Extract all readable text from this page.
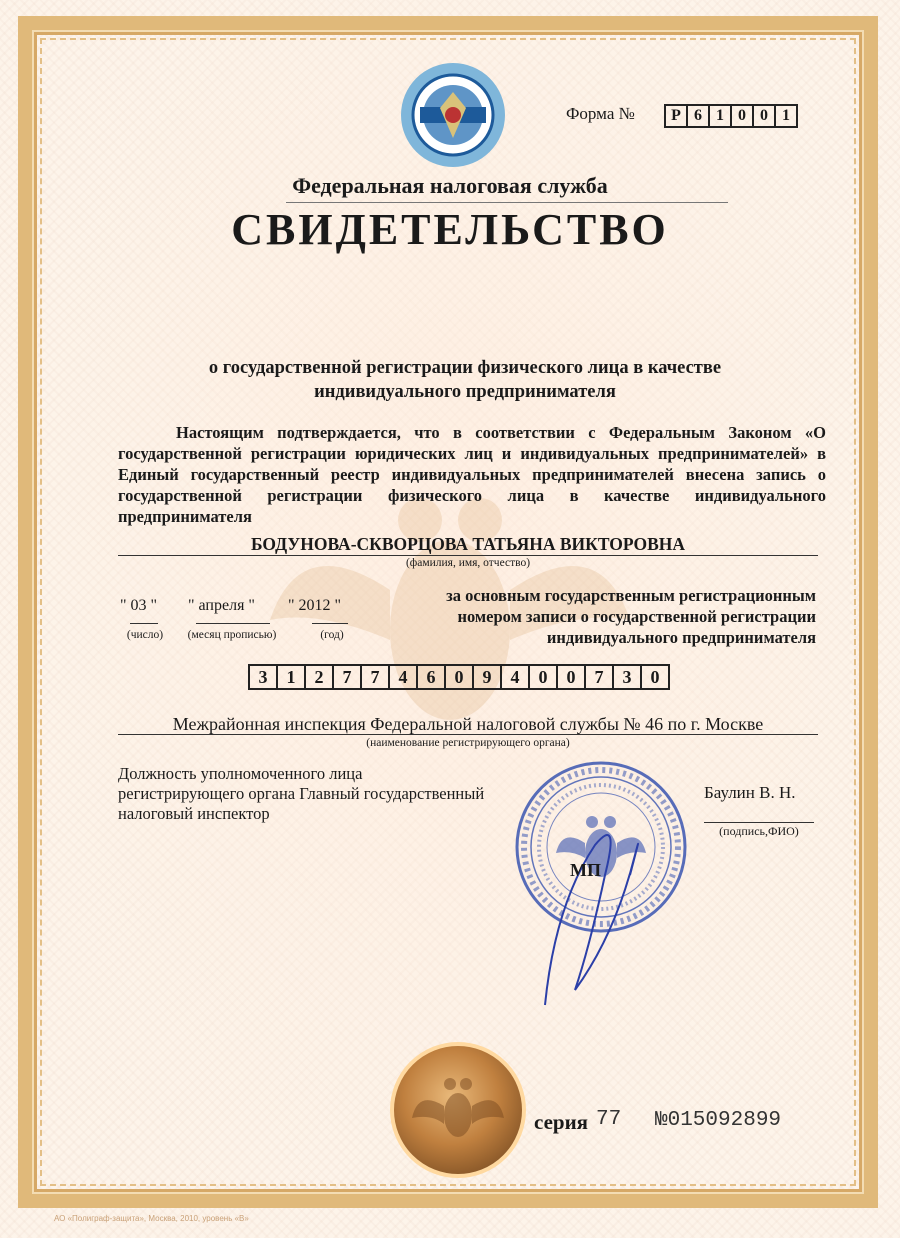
Форма №	Р 6 1 0 0 1
Федеральная налоговая служба
СВИДЕТЕЛЬСТВО
о государственной регистрации физического лица в качестве
индивидуального предпринимателя
Настоящим подтверждается, что в соответствии с Федеральным Законом «О государственной регистрации юридических лиц и индивидуальных предпринимателей» в Единый государственный реестр индивидуальных предпринимателей внесена запись о государственной регистрации физического лица в качестве индивидуального предпринимателя
БОДУНОВА-СКВОРЦОВА ТАТЬЯНА ВИКТОРОВНА
(фамилия, имя, отчество)
" 03 " " апреля " " 2012 "
(число)	(месяц прописью)	(год)
за основным государственным регистрационным
номером записи о государственной регистрации
индивидуального предпринимателя
3	1	2	7	7	4	6	0	9	4	0	0	7	3	0
Межрайонная инспекция Федеральной налоговой службы № 46 по г. Москве
(наименование регистрирующего органа)
Должность уполномоченного лица
регистрирующего органа Главный государственный
налоговый инспектор
Баулин В. Н.
(подпись,ФИО)
МП
серия 77 №015092899
АО «Полиграф-защита», Москва, 2010, уровень «В»
